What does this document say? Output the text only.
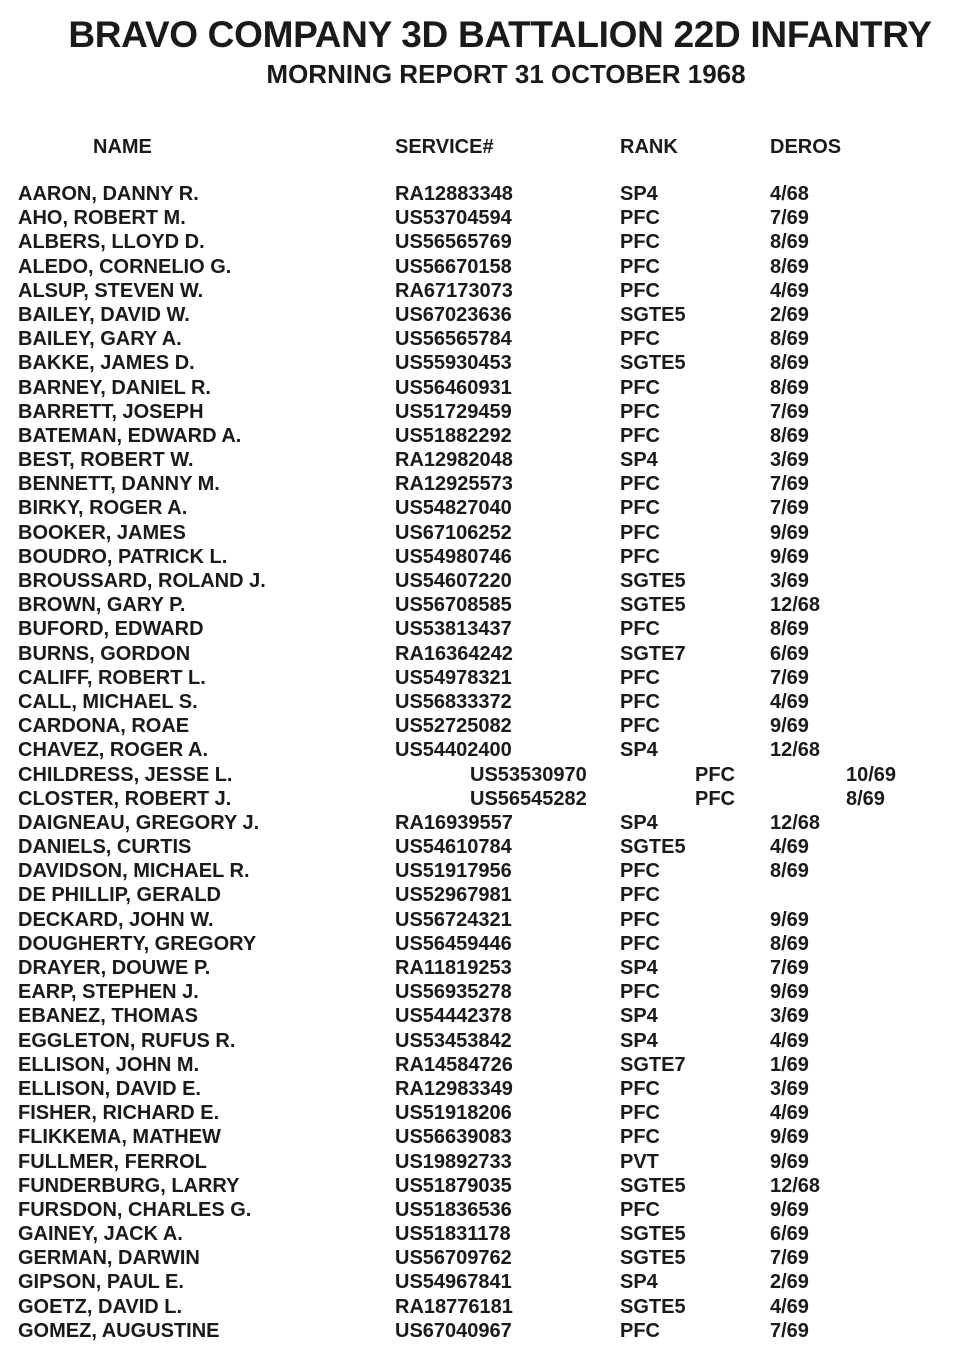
BRAVO COMPANY 3D BATTALION 22D INFANTRY
MORNING REPORT 31 OCTOBER 1968
NAME	SERVICE#	RANK	DEROS
AARON, DANNY R.	RA12883348	SP4	4/68
AHO, ROBERT M.	US53704594	PFC	7/69
ALBERS, LLOYD D.	US56565769	PFC	8/69
ALEDO, CORNELIO G.	US56670158	PFC	8/69
ALSUP, STEVEN W.	RA67173073	PFC	4/69
BAILEY, DAVID W.	US67023636	SGTE5	2/69
BAILEY, GARY A.	US56565784	PFC	8/69
BAKKE, JAMES D.	US55930453	SGTE5	8/69
BARNEY, DANIEL R.	US56460931	PFC	8/69
BARRETT, JOSEPH	US51729459	PFC	7/69
BATEMAN, EDWARD A.	US51882292	PFC	8/69
BEST, ROBERT W.	RA12982048	SP4	3/69
BENNETT, DANNY M.	RA12925573	PFC	7/69
BIRKY, ROGER A.	US54827040	PFC	7/69
BOOKER, JAMES	US67106252	PFC	9/69
BOUDRO, PATRICK L.	US54980746	PFC	9/69
BROUSSARD, ROLAND J.	US54607220	SGTE5	3/69
BROWN, GARY P.	US56708585	SGTE5	12/68
BUFORD, EDWARD	US53813437	PFC	8/69
BURNS, GORDON	RA16364242	SGTE7	6/69
CALIFF, ROBERT L.	US54978321	PFC	7/69
CALL, MICHAEL S.	US56833372	PFC	4/69
CARDONA, ROAE	US52725082	PFC	9/69
CHAVEZ, ROGER A.	US54402400	SP4	12/68
CHILDRESS, JESSE L.	US53530970	PFC	10/69
CLOSTER, ROBERT J.	US56545282	PFC	8/69
DAIGNEAU, GREGORY J.	RA16939557	SP4	12/68
DANIELS, CURTIS	US54610784	SGTE5	4/69
DAVIDSON, MICHAEL R.	US51917956	PFC	8/69
DE PHILLIP, GERALD	US52967981	PFC
DECKARD, JOHN W.	US56724321	PFC	9/69
DOUGHERTY, GREGORY	US56459446	PFC	8/69
DRAYER, DOUWE P.	RA11819253	SP4	7/69
EARP, STEPHEN J.	US56935278	PFC	9/69
EBANEZ, THOMAS	US54442378	SP4	3/69
EGGLETON, RUFUS R.	US53453842	SP4	4/69
ELLISON, JOHN M.	RA14584726	SGTE7	1/69
ELLISON, DAVID E.	RA12983349	PFC	3/69
FISHER, RICHARD E.	US51918206	PFC	4/69
FLIKKEMA, MATHEW	US56639083	PFC	9/69
FULLMER, FERROL	US19892733	PVT	9/69
FUNDERBURG, LARRY	US51879035	SGTE5	12/68
FURSDON, CHARLES G.	US51836536	PFC	9/69
GAINEY, JACK A.	US51831178	SGTE5	6/69
GERMAN, DARWIN	US56709762	SGTE5	7/69
GIPSON, PAUL E.	US54967841	SP4	2/69
GOETZ, DAVID L.	RA18776181	SGTE5	4/69
GOMEZ, AUGUSTINE	US67040967	PFC	7/69
